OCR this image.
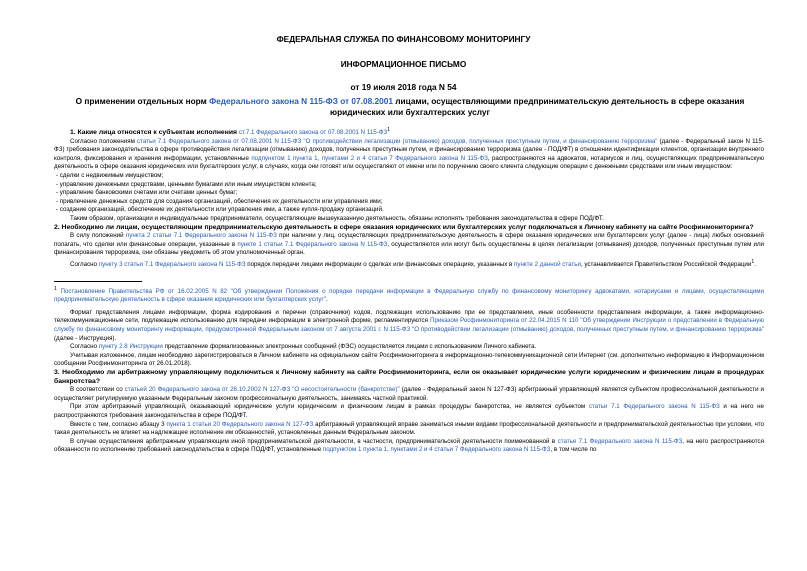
ФЕДЕРАЛЬНАЯ СЛУЖБА ПО ФИНАНСОВОМУ МОНИТОРИНГУ
ИНФОРМАЦИОННОЕ ПИСЬМО
от 19 июля 2018 года N 54
О применении отдельных норм Федерального закона N 115-ФЗ от 07.08.2001 лицами, осуществляющими предпринимательскую деятельность в сфере оказания юридических или бухгалтерских услуг

1. Какие лица относятся к субъектам исполнения ст.7.1 Федерального закона от 07.08.2001 N $115-ФЗ^1$

Согласно положениям статьи 7.1 Федерального закона от 07.08.2001 N 115-ФЗ "О противодействии легализации (отмыванию) доходов, полученных преступным путем, и финансированию терроризма" (далее - Федеральный закон N 115-ФЗ) требования законодательства в сфере противодействия легализации (отмыванию) доходов, полученных преступным путем, и финансированию терроризма (далее - ПОД/ФТ) в отношении идентификации клиентов, организации внутреннего контроля, фиксирования и хранения информации, установленные подпунктом 1 пункта 1, пунктами 2 и 4 статьи 7 Федерального закона N 115-ФЗ, распространяются на адвокатов, нотариусов и лиц, осуществляющих предпринимательскую деятельность в сфере оказания юридических или бухгалтерских услуг, в случаях, когда они готовят или осуществляют от имени или по поручению своего клиента следующие операции с денежными средствами или иным имуществом:

- сделки с недвижимым имуществом;

- управление денежными средствами, ценными бумагами или иным имуществом клиента;

- управление банковскими счетами или счетами ценных бумаг;

- привлечение денежных средств для создания организаций, обеспечения их деятельности или управления ими;

- создание организаций, обеспечение их деятельности или управления ими, а также купля-продажу организаций.

Таким образом, организации и индивидуальные предприниматели, осуществляющие вышеуказанную деятельность, обязаны исполнять требования законодательства в сфере ПОД/ФТ.

2. Необходимо ли лицам, осуществляющим предпринимательскую деятельность в сфере оказания юридических или бухгалтерских услуг подключаться к Личному кабинету на сайте Росфинмониторинга?

В силу положений пункта 2 статьи 7.1 Федерального закона N 115-ФЗ при наличии у лиц, осуществляющих предпринимательскую деятельность в сфере оказания юридических или бухгалтерских услуг (далее - лица) любых оснований полагать, что сделки или финансовые операции, указанные в пункте 1 статьи 7.1 Федерального закона N 115-ФЗ, осуществляются или могут быть осуществлены в целях легализации (отмывания) доходов, полученных преступным путем или финансирования терроризма, они обязаны уведомить об этом уполномоченный орган.

Согласно пункту 3 статьи 7.1 Федерального закона N 115-ФЗ порядок передачи лицами информации о сделках или финансовых операциях, указанных в пункте 2 данной статьи, устанавливается Правительством Российской Федерации$^1$.

$^1$ Постановление Правительства РФ от 16.02.2005 N 82 "Об утверждении Положения о порядке передачи информации в Федеральную службу по финансовому мониторингу адвокатами, нотариусами и лицами, осуществляющими предпринимательскую деятельность в сфере оказания юридических или бухгалтерских услуг".

Формат представления лицами информации, форма кодирования и перечни (справочники) кодов, подлежащих использованию при ее представлении, иные особенности представления информации, а также информационно-телекоммуникационные сети, подлежащие использованию для передачи информации в электронной форме, регламентируются Приказом Росфинмониторинга от 22.04.2015 N 110 "Об утверждении Инструкции о представлении в Федеральную службу по финансовому мониторингу информации, предусмотренной Федеральным законом от 7 августа 2001 г. N 115-ФЗ "О противодействии легализации (отмыванию) доходов, полученных преступным путем, и финансированию терроризма" (далее - Инструкция).

Согласно пункту 2.8 Инструкции представление формализованных электронных сообщений (ФЭС) осуществляется лицами с использованием Личного кабинета.

Учитывая изложенное, лицам необходимо зарегистрироваться в Личном кабинете на официальном сайте Росфинмониторинга в информационно-телекоммуникационной сети Интернет (см. дополнительно информацию в Информационном сообщении Росфинмониторинга от 26.01.2018).

3. Необходимо ли арбитражному управляющему подключиться к Личному кабинету на сайте Росфинмониторинга, если он оказывает юридические услуги юридическим и физическим лицам в процедурах банкротства?

В соответствии со статьей 20 Федерального закона от 26.10.2002 N 127-ФЗ "О несостоятельности (банкротстве)" (далее - Федеральный закон N 127-ФЗ) арбитражный управляющий является субъектом профессиональной деятельности и осуществляет регулируемую указанным Федеральным законом профессиональную деятельность, занимаясь частной практикой.

При этом арбитражный управляющий, оказывающий юридические услуги юридическим и физическим лицам в рамках процедуры банкротства, не является субъектом статьи 7.1 Федерального закона N 115-ФЗ и на него не распространяются требования законодательства в сфере ПОД/ФТ.

Вместе с тем, согласно абзацу 3 пункта 1 статьи 20 Федерального закона N 127-ФЗ арбитражный управляющий вправе заниматься иными видами профессиональной деятельности и предпринимательской деятельностью при условии, что такая деятельность не влияет на надлежащее исполнение им обязанностей, установленных данным Федеральным законом.

В случае осуществления арбитражным управляющим иной предпринимательской деятельности, в частности, предпринимательской деятельности поименованной в статье 7.1 Федерального закона N 115-ФЗ, на него распространяются обязанности по исполнению требований законодательства в сфере ПОД/ФТ, установленные подпунктом 1 пункта 1, пунктами 2 и 4 статьи 7 Федерального закона N 115-ФЗ, в том числе по
